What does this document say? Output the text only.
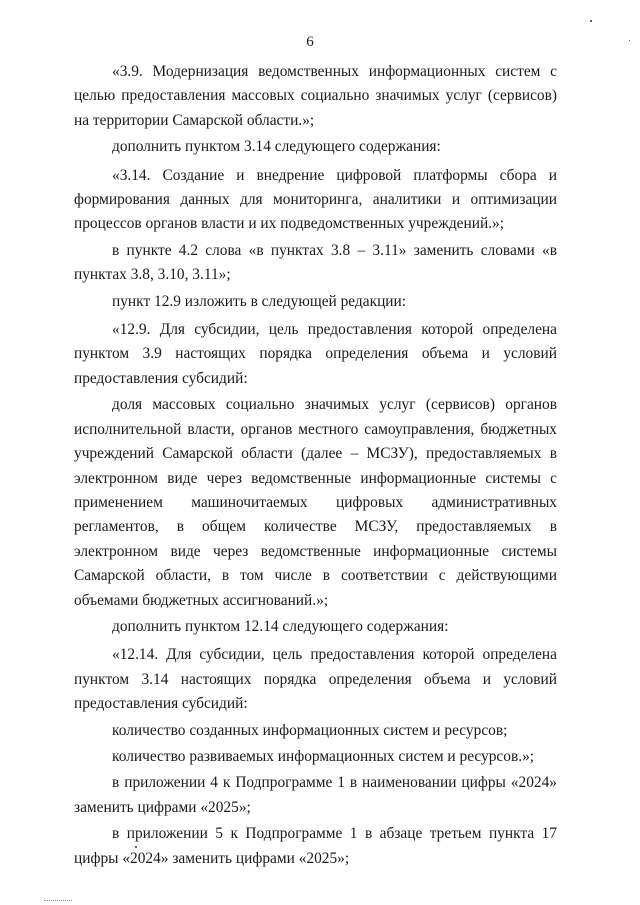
6

«3.9. Модернизация ведомственных информационных систем с целью предоставления массовых социально значимых услуг (сервисов) на территории Самарской области.»;

дополнить пунктом 3.14 следующего содержания:

«3.14. Создание и внедрение цифровой платформы сбора и формирования данных для мониторинга, аналитики и оптимизации процессов органов власти и их подведомственных учреждений.»;

в пункте 4.2 слова «в пунктах 3.8 – 3.11» заменить словами «в пунктах 3.8, 3.10, 3.11»;

пункт 12.9 изложить в следующей редакции:

«12.9. Для субсидии, цель предоставления которой определена пунктом 3.9 настоящих порядка определения объема и условий предоставления субсидий:

доля массовых социально значимых услуг (сервисов) органов исполнительной власти, органов местного самоуправления, бюджетных учреждений Самарской области (далее – МСЗУ), предоставляемых в электронном виде через ведомственные информационные системы с применением машиночитаемых цифровых административных регламентов, в общем количестве МСЗУ, предоставляемых в электронном виде через ведомственные информационные системы Самарской области, в том числе в соответствии с действующими объемами бюджетных ассигнований.»;

дополнить пунктом 12.14 следующего содержания:

«12.14. Для субсидии, цель предоставления которой определена пунктом 3.14 настоящих порядка определения объема и условий предоставления субсидий:

количество созданных информационных систем и ресурсов;

количество развиваемых информационных систем и ресурсов.»;

в приложении 4 к Подпрограмме 1 в наименовании цифры «2024» заменить цифрами «2025»;

в приложении 5 к Подпрограмме 1 в абзаце третьем пункта 17 цифры «2024» заменить цифрами «2025»;
